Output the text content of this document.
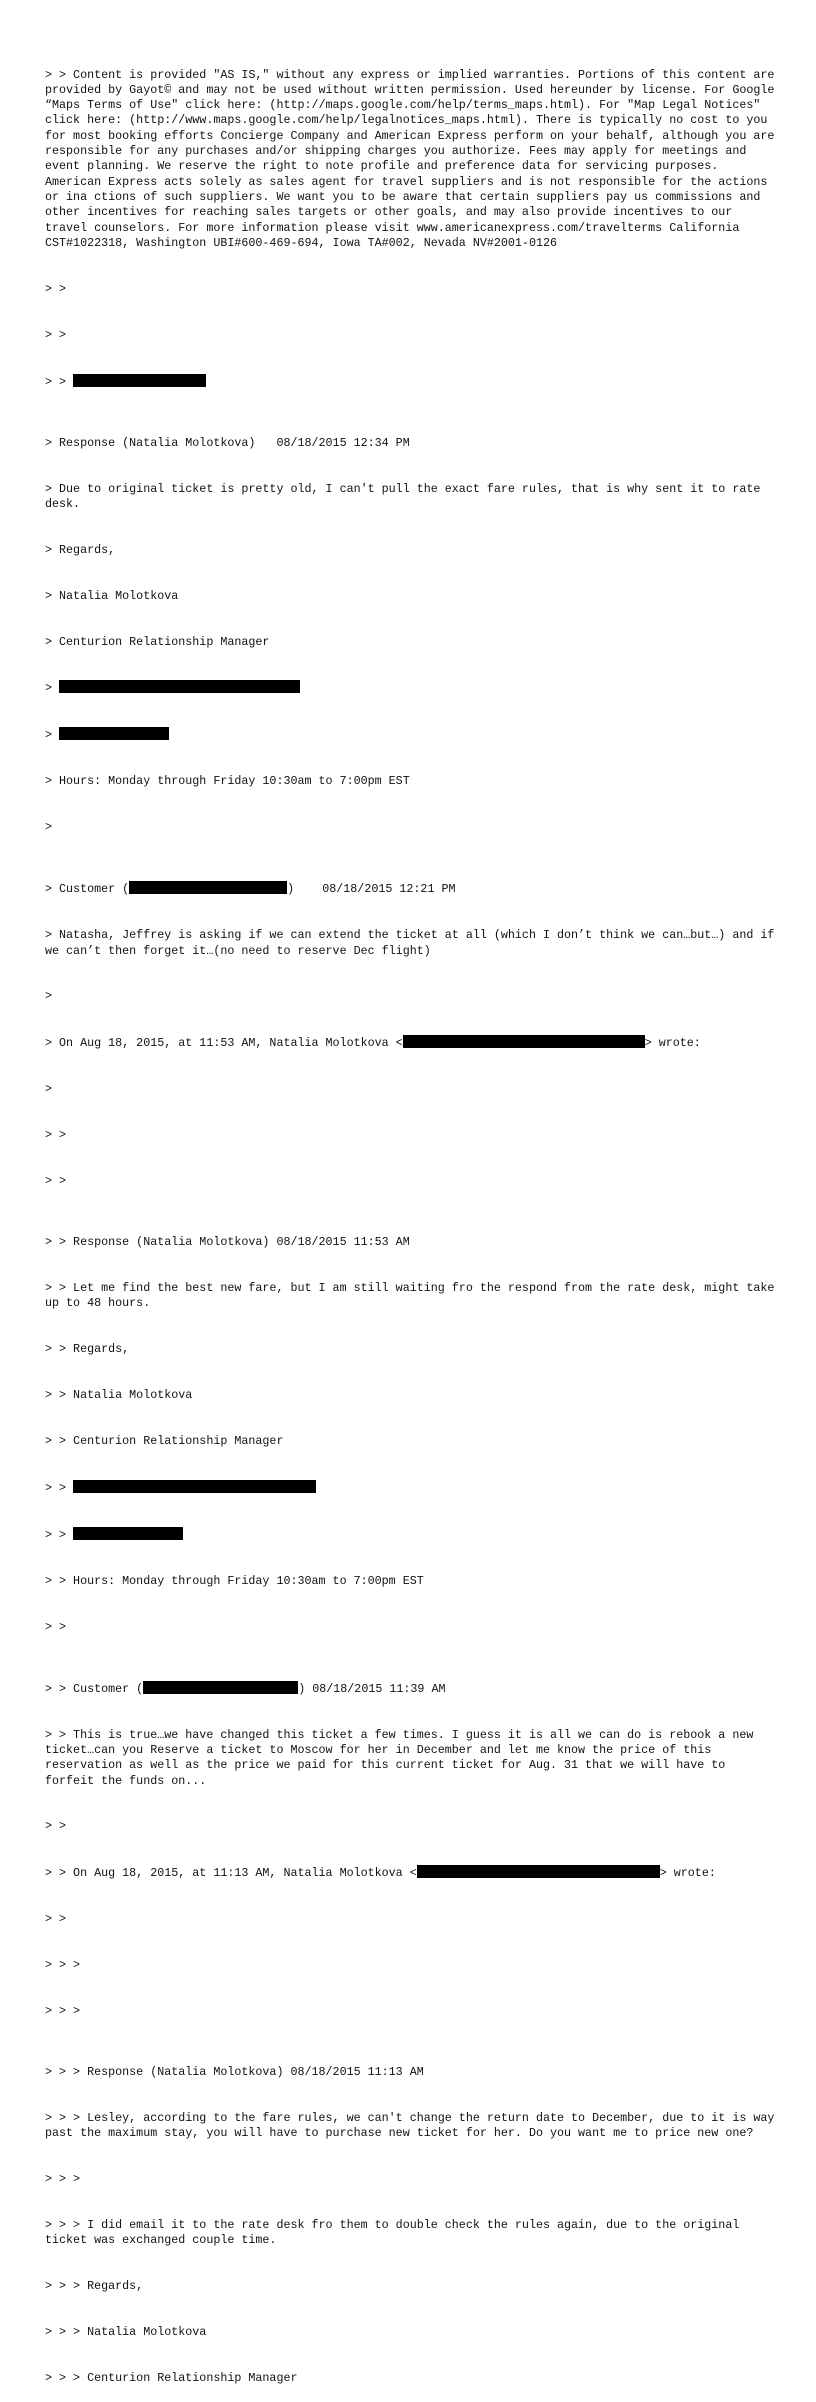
> > Content is provided "AS IS," without any express or implied warranties. Portions of this content are provided by Gayot© and may not be used without written permission. Used hereunder by license. For Google “Maps Terms of Use" click here: (http://maps.google.com/help/terms_maps.html). For "Map Legal Notices" click here: (http://www.maps.google.com/help/legalnotices_maps.html). There is typically no cost to you for most booking efforts Concierge Company and American Express perform on your behalf, although you are responsible for any purchases and/or shipping charges you authorize. Fees may apply for meetings and event planning. We reserve the right to note profile and preference data for servicing purposes. American Express acts solely as sales agent for travel suppliers and is not responsible for the actions or ina ctions of such suppliers. We want you to be aware that certain suppliers pay us commissions and other incentives for reaching sales targets or other goals, and may also provide incentives to our travel counselors. For more information please visit www.americanexpress.com/travelterms California CST#1022318, Washington UBI#600-469-694, Iowa TA#002, Nevada NV#2001-0126

> >

> >

> >

> Response (Natalia Molotkova)   08/18/2015 12:34 PM

> Due to original ticket is pretty old, I can't pull the exact fare rules, that is why sent it to rate desk.

> Regards,

> Natalia Molotkova

> Centurion Relationship Manager

>

>

> Hours: Monday through Friday 10:30am to 7:00pm EST

>

> Customer (	)    08/18/2015 12:21 PM

> Natasha, Jeffrey is asking if we can extend the ticket at all (which I don’t think we can…but…) and if we can’t then forget it…(no need to reserve Dec flight)

>

> On Aug 18, 2015, at 11:53 AM, Natalia Molotkova <	> wrote:

>

> >

> >

> > Response (Natalia Molotkova) 08/18/2015 11:53 AM

> > Let me find the best new fare, but I am still waiting fro the respond from the rate desk, might take up to 48 hours.

> > Regards,

> > Natalia Molotkova

> > Centurion Relationship Manager

> >

> >

> > Hours: Monday through Friday 10:30am to 7:00pm EST

> >

> > Customer (	) 08/18/2015 11:39 AM

> > This is true…we have changed this ticket a few times. I guess it is all we can do is rebook a new ticket…can you Reserve a ticket to Moscow for her in December and let me know the price of this reservation as well as the price we paid for this current ticket for Aug. 31 that we will have to forfeit the funds on...

> >

> > On Aug 18, 2015, at 11:13 AM, Natalia Molotkova <	> wrote:

> >

> > >

> > >

> > > Response (Natalia Molotkova) 08/18/2015 11:13 AM

> > > Lesley, according to the fare rules, we can't change the return date to December, due to it is way past the maximum stay, you will have to purchase new ticket for her. Do you want me to price new one?

> > >

> > > I did email it to the rate desk fro them to double check the rules again, due to the original ticket was exchanged couple time.

> > > Regards,

> > > Natalia Molotkova

> > > Centurion Relationship Manager
